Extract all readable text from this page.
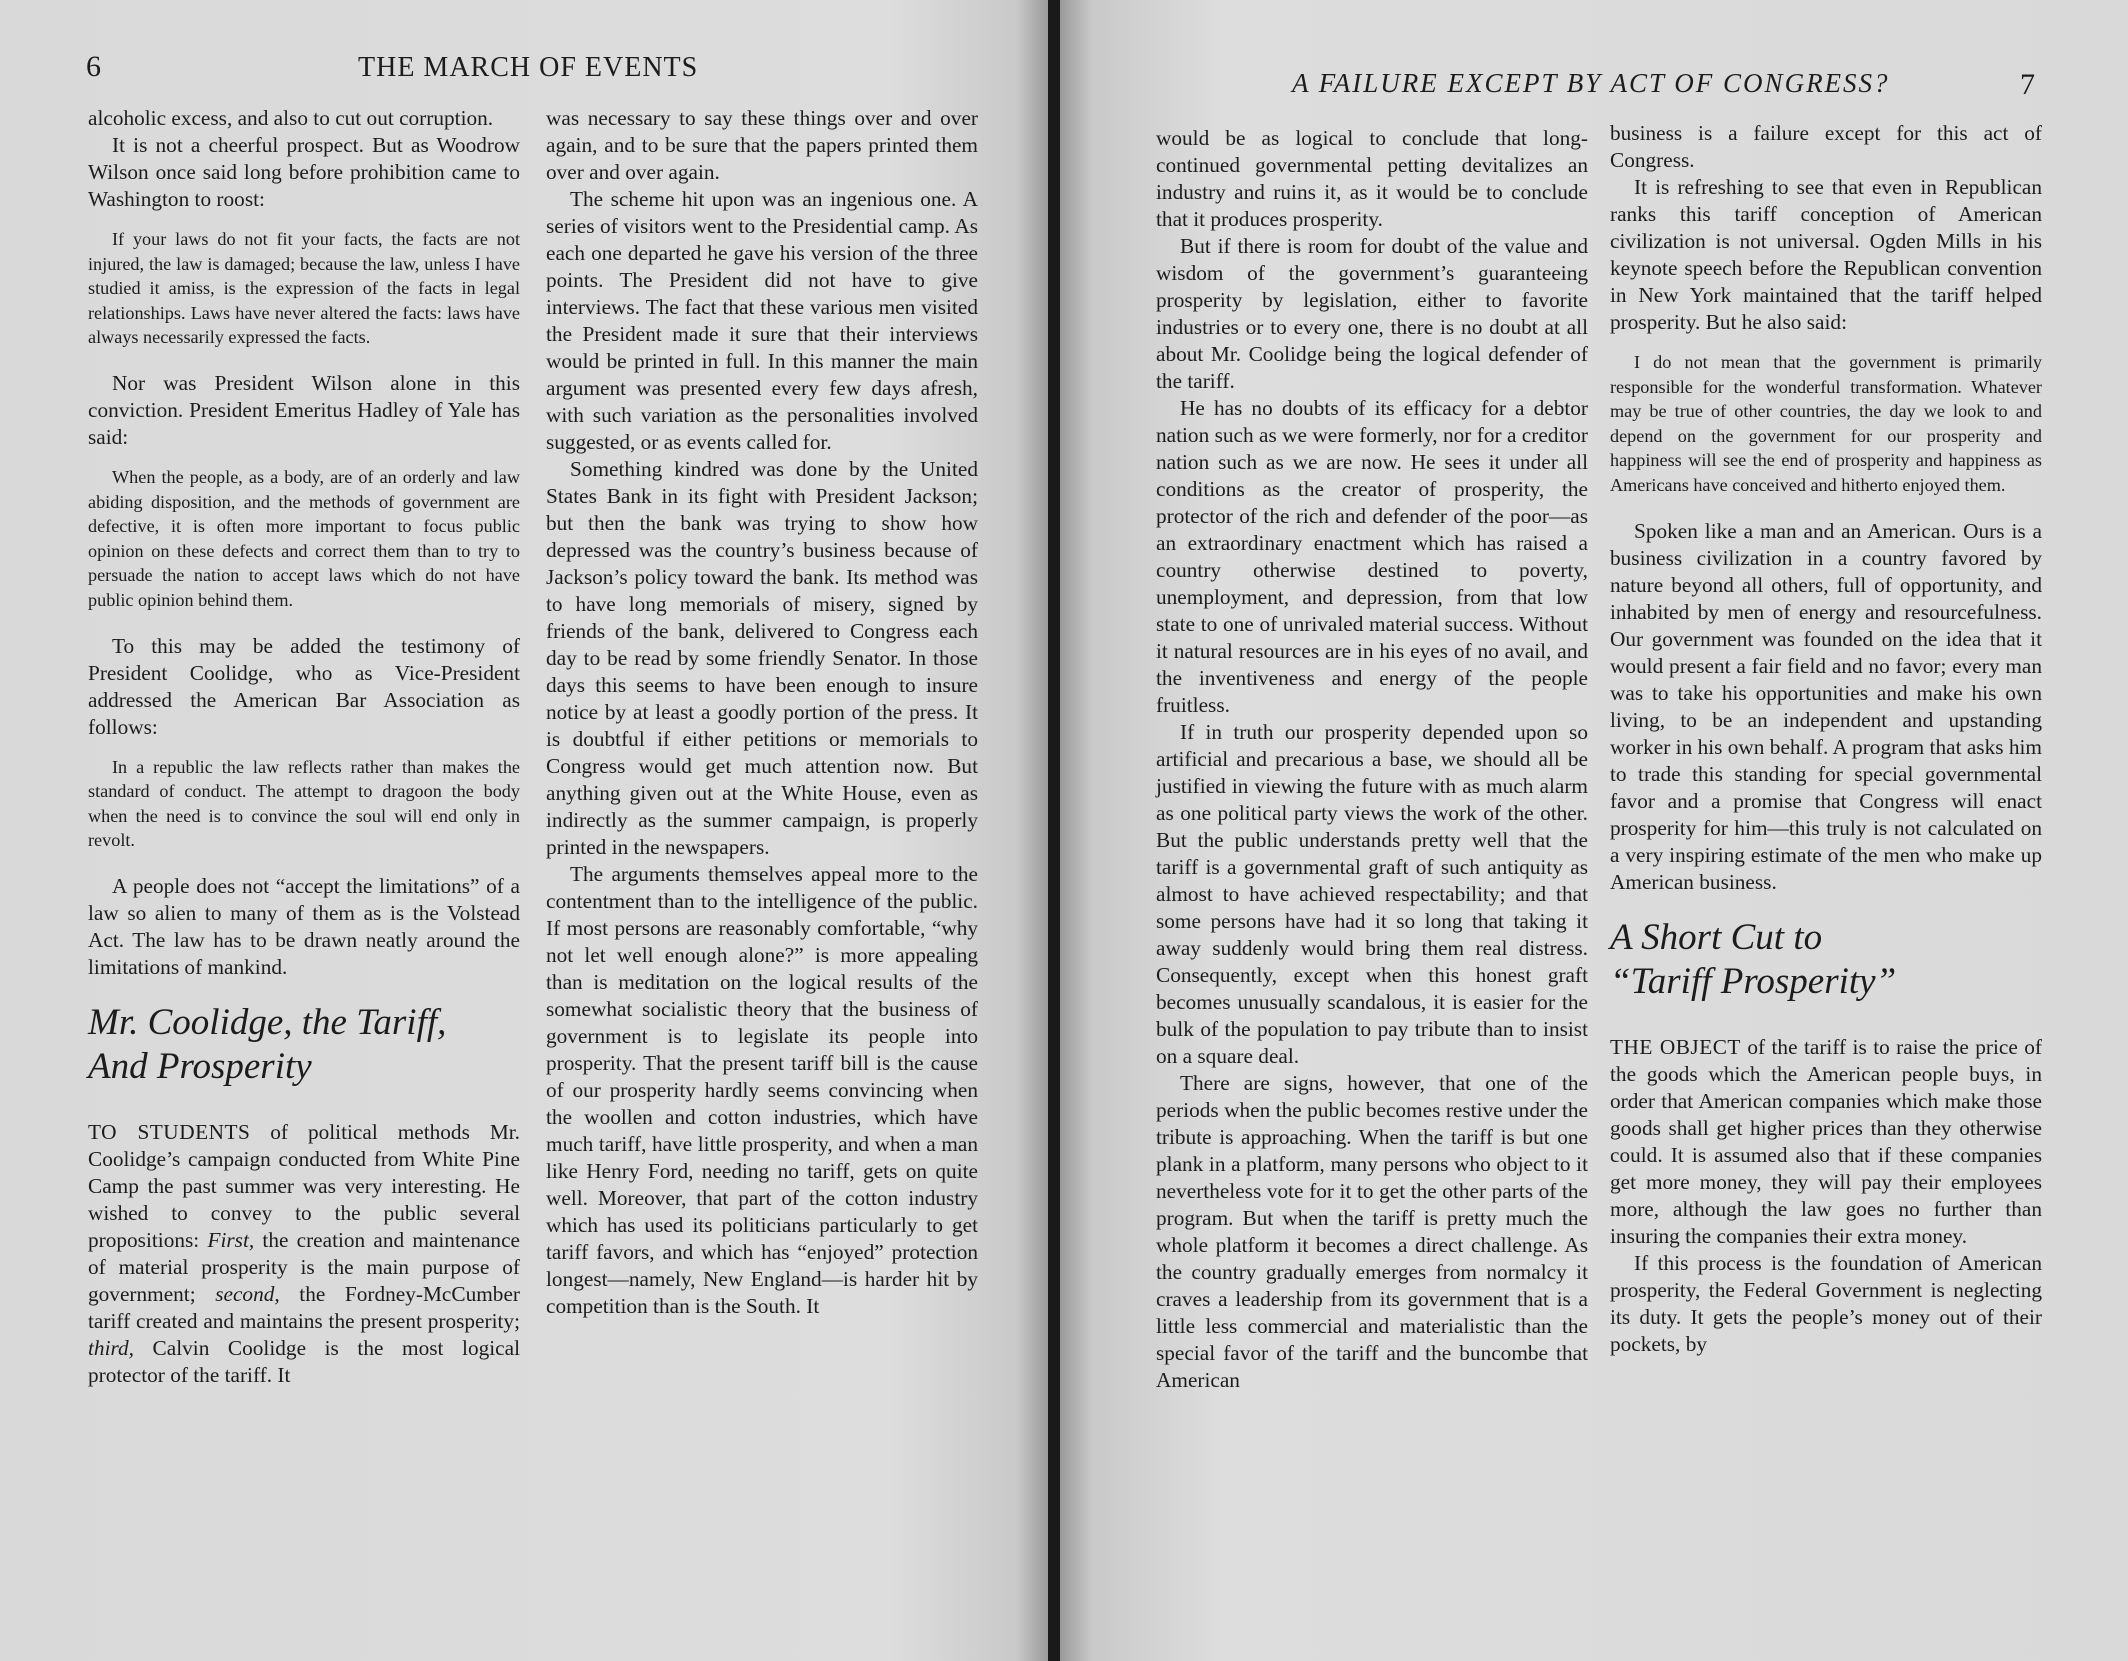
6	THE MARCH OF EVENTS

alcoholic excess, and also to cut out corruption.

It is not a cheerful prospect. But as Woodrow Wilson once said long before prohibition came to Washington to roost:

If your laws do not fit your facts, the facts are not injured, the law is damaged; because the law, unless I have studied it amiss, is the expression of the facts in legal relationships. Laws have never altered the facts: laws have always necessarily expressed the facts.

Nor was President Wilson alone in this conviction. President Emeritus Hadley of Yale has said:

When the people, as a body, are of an orderly and law abiding disposition, and the methods of government are defective, it is often more important to focus public opinion on these defects and correct them than to try to persuade the nation to accept laws which do not have public opinion behind them.

To this may be added the testimony of President Coolidge, who as Vice-President addressed the American Bar Association as follows:

In a republic the law reflects rather than makes the standard of conduct. The attempt to dragoon the body when the need is to convince the soul will end only in revolt.

A people does not “accept the limitations” of a law so alien to many of them as is the Volstead Act. The law has to be drawn neatly around the limitations of mankind.

Mr. Coolidge, the Tariff,
And Prosperity

TO STUDENTS of political methods Mr. Coolidge’s campaign conducted from White Pine Camp the past summer was very interesting. He wished to convey to the public several propositions: First, the creation and maintenance of material prosperity is the main purpose of government; second, the Fordney-McCumber tariff created and maintains the present prosperity; third, Calvin Coolidge is the most logical protector of the tariff. It

was necessary to say these things over and over again, and to be sure that the papers printed them over and over again.

The scheme hit upon was an ingenious one. A series of visitors went to the Presidential camp. As each one departed he gave his version of the three points. The President did not have to give interviews. The fact that these various men visited the President made it sure that their interviews would be printed in full. In this manner the main argument was presented every few days afresh, with such variation as the personalities involved suggested, or as events called for.

Something kindred was done by the United States Bank in its fight with President Jackson; but then the bank was trying to show how depressed was the country’s business because of Jackson’s policy toward the bank. Its method was to have long memorials of misery, signed by friends of the bank, delivered to Congress each day to be read by some friendly Senator. In those days this seems to have been enough to insure notice by at least a goodly portion of the press. It is doubtful if either petitions or memorials to Congress would get much attention now. But anything given out at the White House, even as indirectly as the summer campaign, is properly printed in the newspapers.

The arguments themselves appeal more to the contentment than to the intelligence of the public. If most persons are reasonably comfortable, “why not let well enough alone?” is more appealing than is meditation on the logical results of the somewhat socialistic theory that the business of government is to legislate its people into prosperity. That the present tariff bill is the cause of our prosperity hardly seems convincing when the woollen and cotton industries, which have much tariff, have little prosperity, and when a man like Henry Ford, needing no tariff, gets on quite well. Moreover, that part of the cotton industry which has used its politicians particularly to get tariff favors, and which has “enjoyed” protection longest—namely, New England—is harder hit by competition than is the South. It

A FAILURE EXCEPT BY ACT OF CONGRESS?	7

would be as logical to conclude that long-continued governmental petting devitalizes an industry and ruins it, as it would be to conclude that it produces prosperity.

But if there is room for doubt of the value and wisdom of the government’s guaranteeing prosperity by legislation, either to favorite industries or to every one, there is no doubt at all about Mr. Coolidge being the logical defender of the tariff.

He has no doubts of its efficacy for a debtor nation such as we were formerly, nor for a creditor nation such as we are now. He sees it under all conditions as the creator of prosperity, the protector of the rich and defender of the poor—as an extraordinary enactment which has raised a country otherwise destined to poverty, unemployment, and depression, from that low state to one of unrivaled material success. Without it natural resources are in his eyes of no avail, and the inventiveness and energy of the people fruitless.

If in truth our prosperity depended upon so artificial and precarious a base, we should all be justified in viewing the future with as much alarm as one political party views the work of the other. But the public understands pretty well that the tariff is a governmental graft of such antiquity as almost to have achieved respectability; and that some persons have had it so long that taking it away suddenly would bring them real distress. Consequently, except when this honest graft becomes unusually scandalous, it is easier for the bulk of the population to pay tribute than to insist on a square deal.

There are signs, however, that one of the periods when the public becomes restive under the tribute is approaching. When the tariff is but one plank in a platform, many persons who object to it nevertheless vote for it to get the other parts of the program. But when the tariff is pretty much the whole platform it becomes a direct challenge. As the country gradually emerges from normalcy it craves a leadership from its government that is a little less commercial and materialistic than the special favor of the tariff and the buncombe that American

business is a failure except for this act of Congress.

It is refreshing to see that even in Republican ranks this tariff conception of American civilization is not universal. Ogden Mills in his keynote speech before the Republican convention in New York maintained that the tariff helped prosperity. But he also said:

I do not mean that the government is primarily responsible for the wonderful transformation. Whatever may be true of other countries, the day we look to and depend on the government for our prosperity and happiness will see the end of prosperity and happiness as Americans have conceived and hitherto enjoyed them.

Spoken like a man and an American. Ours is a business civilization in a country favored by nature beyond all others, full of opportunity, and inhabited by men of energy and resourcefulness. Our government was founded on the idea that it would present a fair field and no favor; every man was to take his opportunities and make his own living, to be an independent and upstanding worker in his own behalf. A program that asks him to trade this standing for special governmental favor and a promise that Congress will enact prosperity for him—this truly is not calculated on a very inspiring estimate of the men who make up American business.

A Short Cut to
“Tariff Prosperity”

THE OBJECT of the tariff is to raise the price of the goods which the American people buys, in order that American companies which make those goods shall get higher prices than they otherwise could. It is assumed also that if these companies get more money, they will pay their employees more, although the law goes no further than insuring the companies their extra money.

If this process is the foundation of American prosperity, the Federal Government is neglecting its duty. It gets the people’s money out of their pockets, by
